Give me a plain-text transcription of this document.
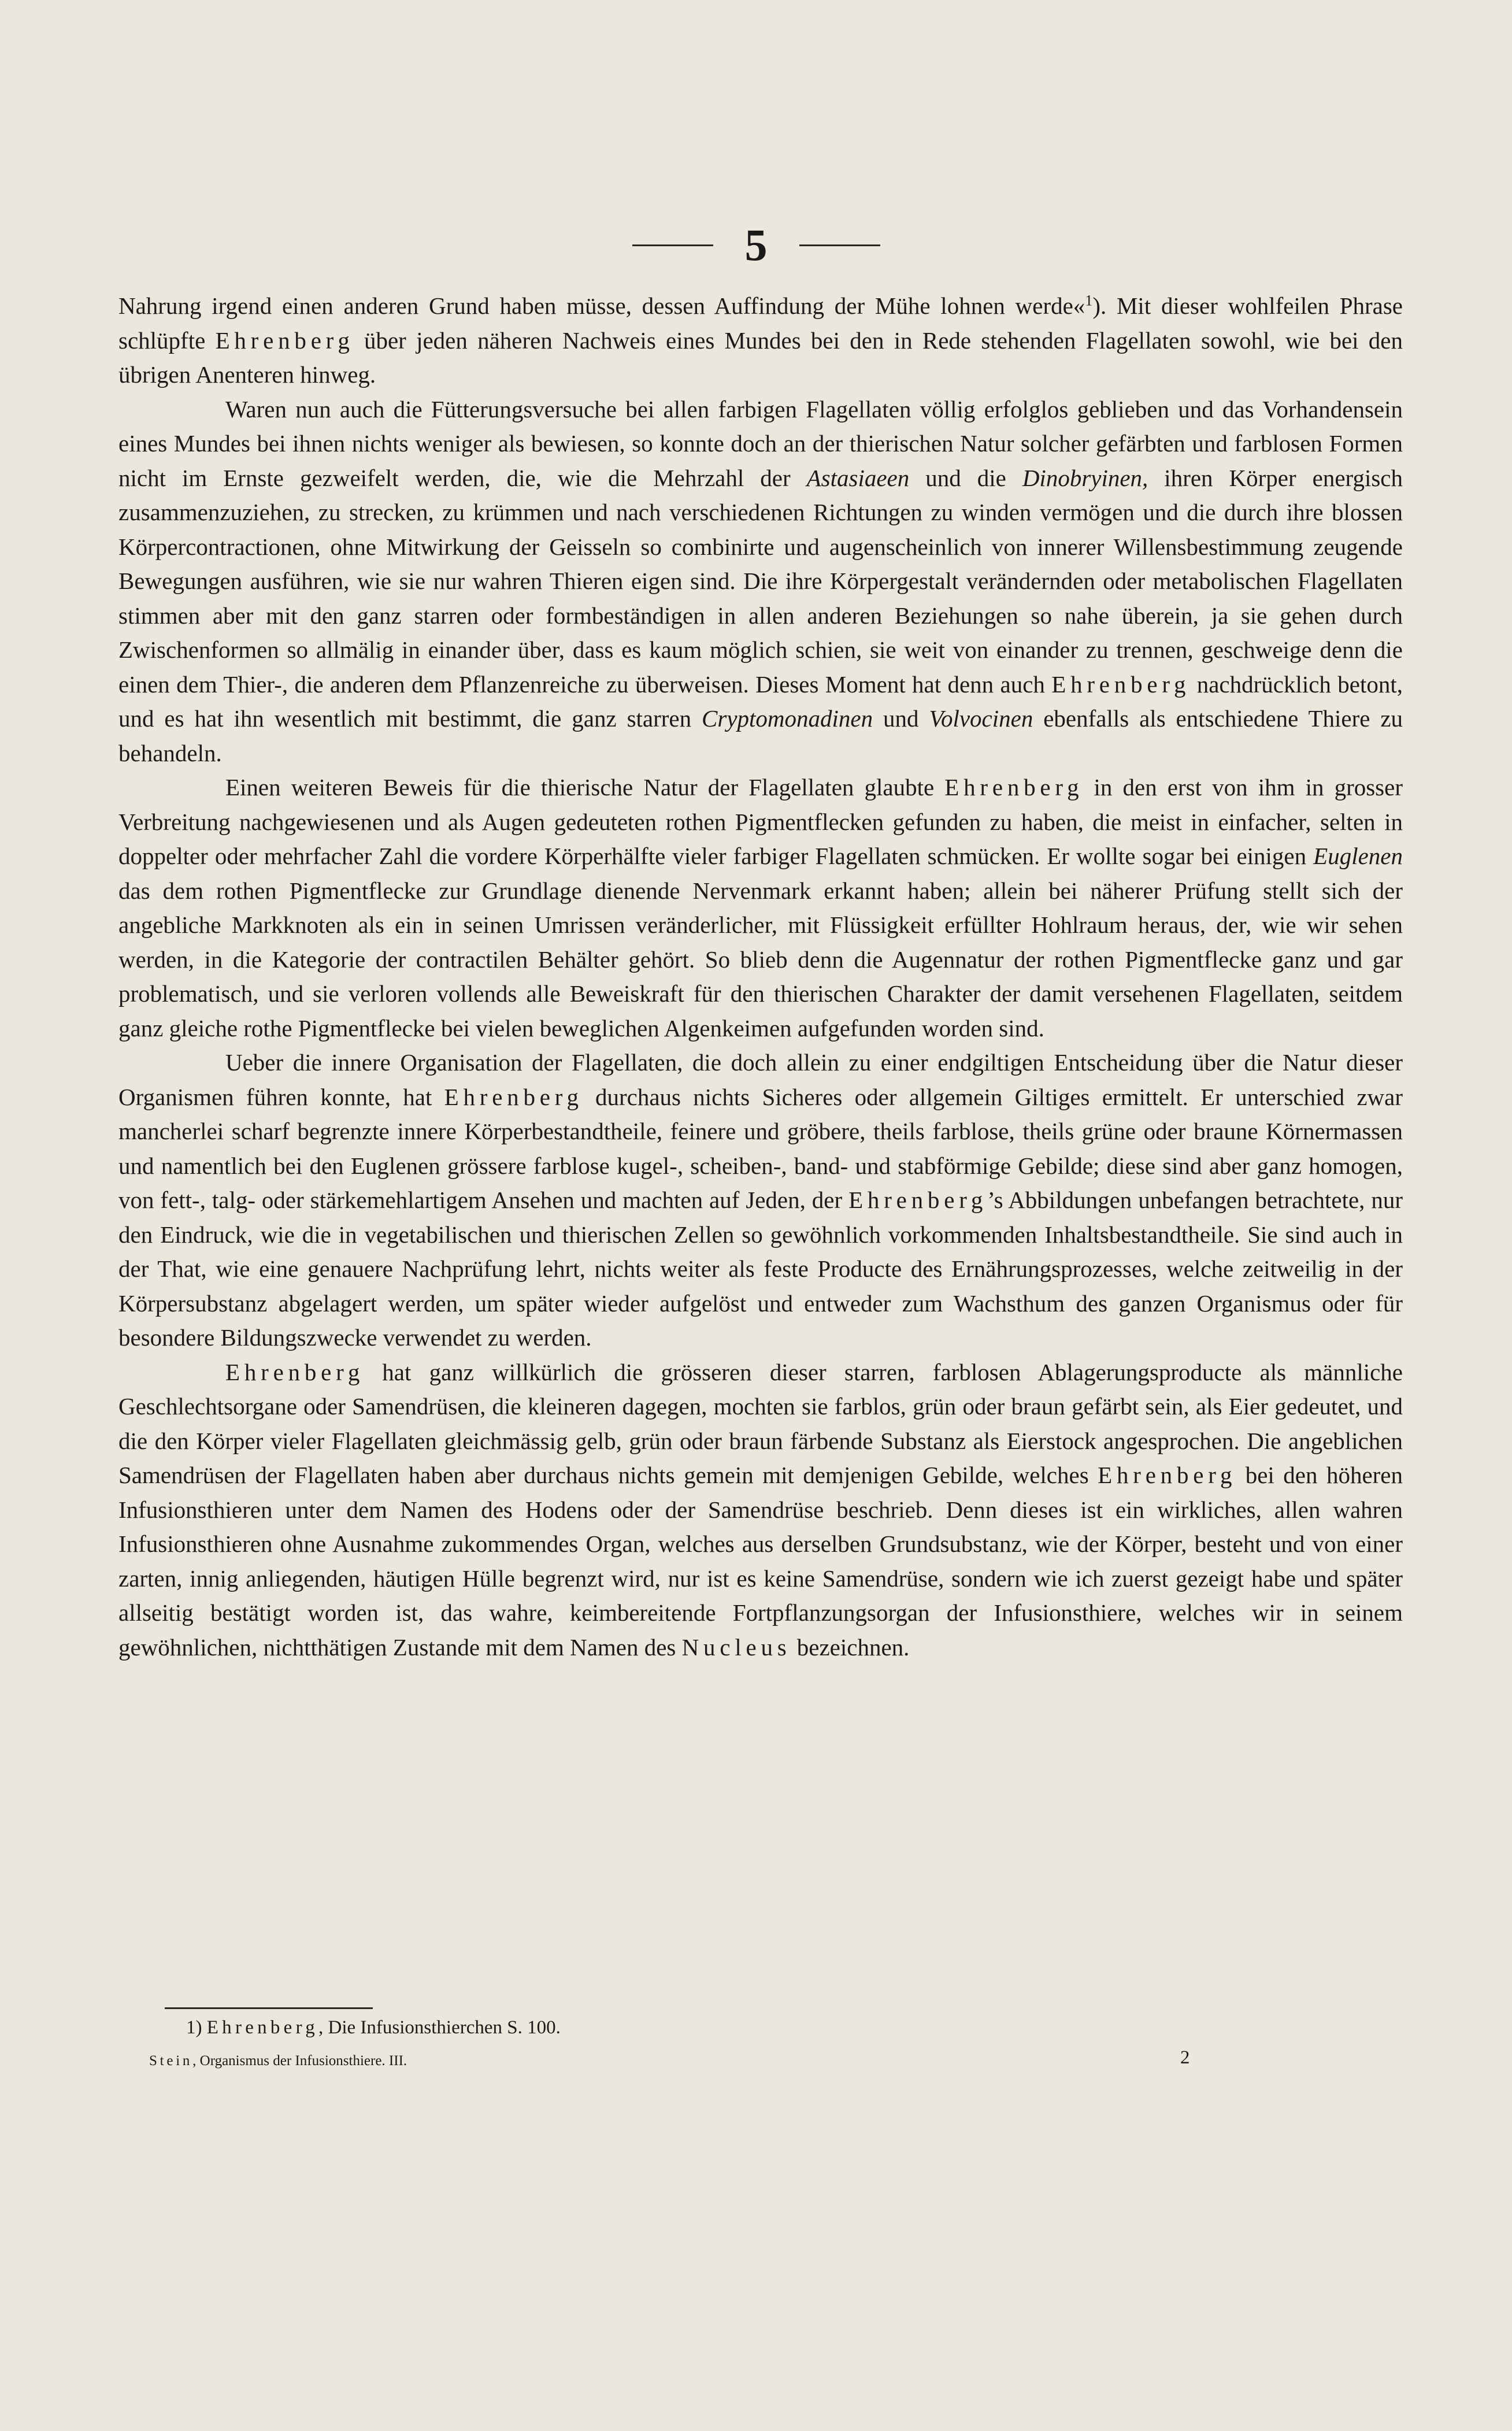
5

Nahrung irgend einen anderen Grund haben müsse, dessen Auffindung der Mühe lohnen werde«$^1$). Mit dieser wohlfeilen Phrase schlüpfte Ehrenberg über jeden näheren Nachweis eines Mundes bei den in Rede stehenden Flagellaten sowohl, wie bei den übrigen Anenteren hinweg.

Waren nun auch die Fütterungsversuche bei allen farbigen Flagellaten völlig erfolglos geblieben und das Vorhandensein eines Mundes bei ihnen nichts weniger als bewiesen, so konnte doch an der thierischen Natur solcher gefärbten und farblosen Formen nicht im Ernste gezweifelt werden, die, wie die Mehrzahl der Astasiaeen und die Dinobryinen, ihren Körper energisch zusammenzuziehen, zu strecken, zu krümmen und nach verschiedenen Richtungen zu winden vermögen und die durch ihre blossen Körpercontractionen, ohne Mitwirkung der Geisseln so combinirte und augenscheinlich von innerer Willensbestimmung zeugende Bewegungen ausführen, wie sie nur wahren Thieren eigen sind. Die ihre Körpergestalt verändernden oder metabolischen Flagellaten stimmen aber mit den ganz starren oder formbeständigen in allen anderen Beziehungen so nahe überein, ja sie gehen durch Zwischenformen so allmälig in einander über, dass es kaum möglich schien, sie weit von einander zu trennen, geschweige denn die einen dem Thier-, die anderen dem Pflanzenreiche zu überweisen. Dieses Moment hat denn auch Ehrenberg nachdrücklich betont, und es hat ihn wesentlich mit bestimmt, die ganz starren Cryptomonadinen und Volvocinen ebenfalls als entschiedene Thiere zu behandeln.

Einen weiteren Beweis für die thierische Natur der Flagellaten glaubte Ehrenberg in den erst von ihm in grosser Verbreitung nachgewiesenen und als Augen gedeuteten rothen Pigmentflecken gefunden zu haben, die meist in einfacher, selten in doppelter oder mehrfacher Zahl die vordere Körperhälfte vieler farbiger Flagellaten schmücken. Er wollte sogar bei einigen Euglenen das dem rothen Pigmentflecke zur Grundlage dienende Nervenmark erkannt haben; allein bei näherer Prüfung stellt sich der angebliche Markknoten als ein in seinen Umrissen veränderlicher, mit Flüssigkeit erfüllter Hohlraum heraus, der, wie wir sehen werden, in die Kategorie der contractilen Behälter gehört. So blieb denn die Augennatur der rothen Pigmentflecke ganz und gar problematisch, und sie verloren vollends alle Beweiskraft für den thierischen Charakter der damit versehenen Flagellaten, seitdem ganz gleiche rothe Pigmentflecke bei vielen beweglichen Algenkeimen aufgefunden worden sind.

Ueber die innere Organisation der Flagellaten, die doch allein zu einer endgiltigen Entscheidung über die Natur dieser Organismen führen konnte, hat Ehrenberg durchaus nichts Sicheres oder allgemein Giltiges ermittelt. Er unterschied zwar mancherlei scharf begrenzte innere Körperbestandtheile, feinere und gröbere, theils farblose, theils grüne oder braune Körnermassen und namentlich bei den Euglenen grössere farblose kugel-, scheiben-, band- und stabförmige Gebilde; diese sind aber ganz homogen, von fett-, talg- oder stärkemehlartigem Ansehen und machten auf Jeden, der Ehrenberg’s Abbildungen unbefangen betrachtete, nur den Eindruck, wie die in vegetabilischen und thierischen Zellen so gewöhnlich vorkommenden Inhaltsbestandtheile. Sie sind auch in der That, wie eine genauere Nachprüfung lehrt, nichts weiter als feste Producte des Ernährungsprozesses, welche zeitweilig in der Körpersubstanz abgelagert werden, um später wieder aufgelöst und entweder zum Wachsthum des ganzen Organismus oder für besondere Bildungszwecke verwendet zu werden.

Ehrenberg hat ganz willkürlich die grösseren dieser starren, farblosen Ablagerungsproducte als männliche Geschlechtsorgane oder Samendrüsen, die kleineren dagegen, mochten sie farblos, grün oder braun gefärbt sein, als Eier gedeutet, und die den Körper vieler Flagellaten gleichmässig gelb, grün oder braun färbende Substanz als Eierstock angesprochen. Die angeblichen Samendrüsen der Flagellaten haben aber durchaus nichts gemein mit demjenigen Gebilde, welches Ehrenberg bei den höheren Infusionsthieren unter dem Namen des Hodens oder der Samendrüse beschrieb. Denn dieses ist ein wirkliches, allen wahren Infusionsthieren ohne Ausnahme zukommendes Organ, welches aus derselben Grundsubstanz, wie der Körper, besteht und von einer zarten, innig anliegenden, häutigen Hülle begrenzt wird, nur ist es keine Samendrüse, sondern wie ich zuerst gezeigt habe und später allseitig bestätigt worden ist, das wahre, keimbereitende Fortpflanzungsorgan der Infusionsthiere, welches wir in seinem gewöhnlichen, nichtthätigen Zustande mit dem Namen des Nucleus bezeichnen.

1) Ehrenberg, Die Infusionsthierchen S. 100.

Stein, Organismus der Infusionsthiere. III.	2
